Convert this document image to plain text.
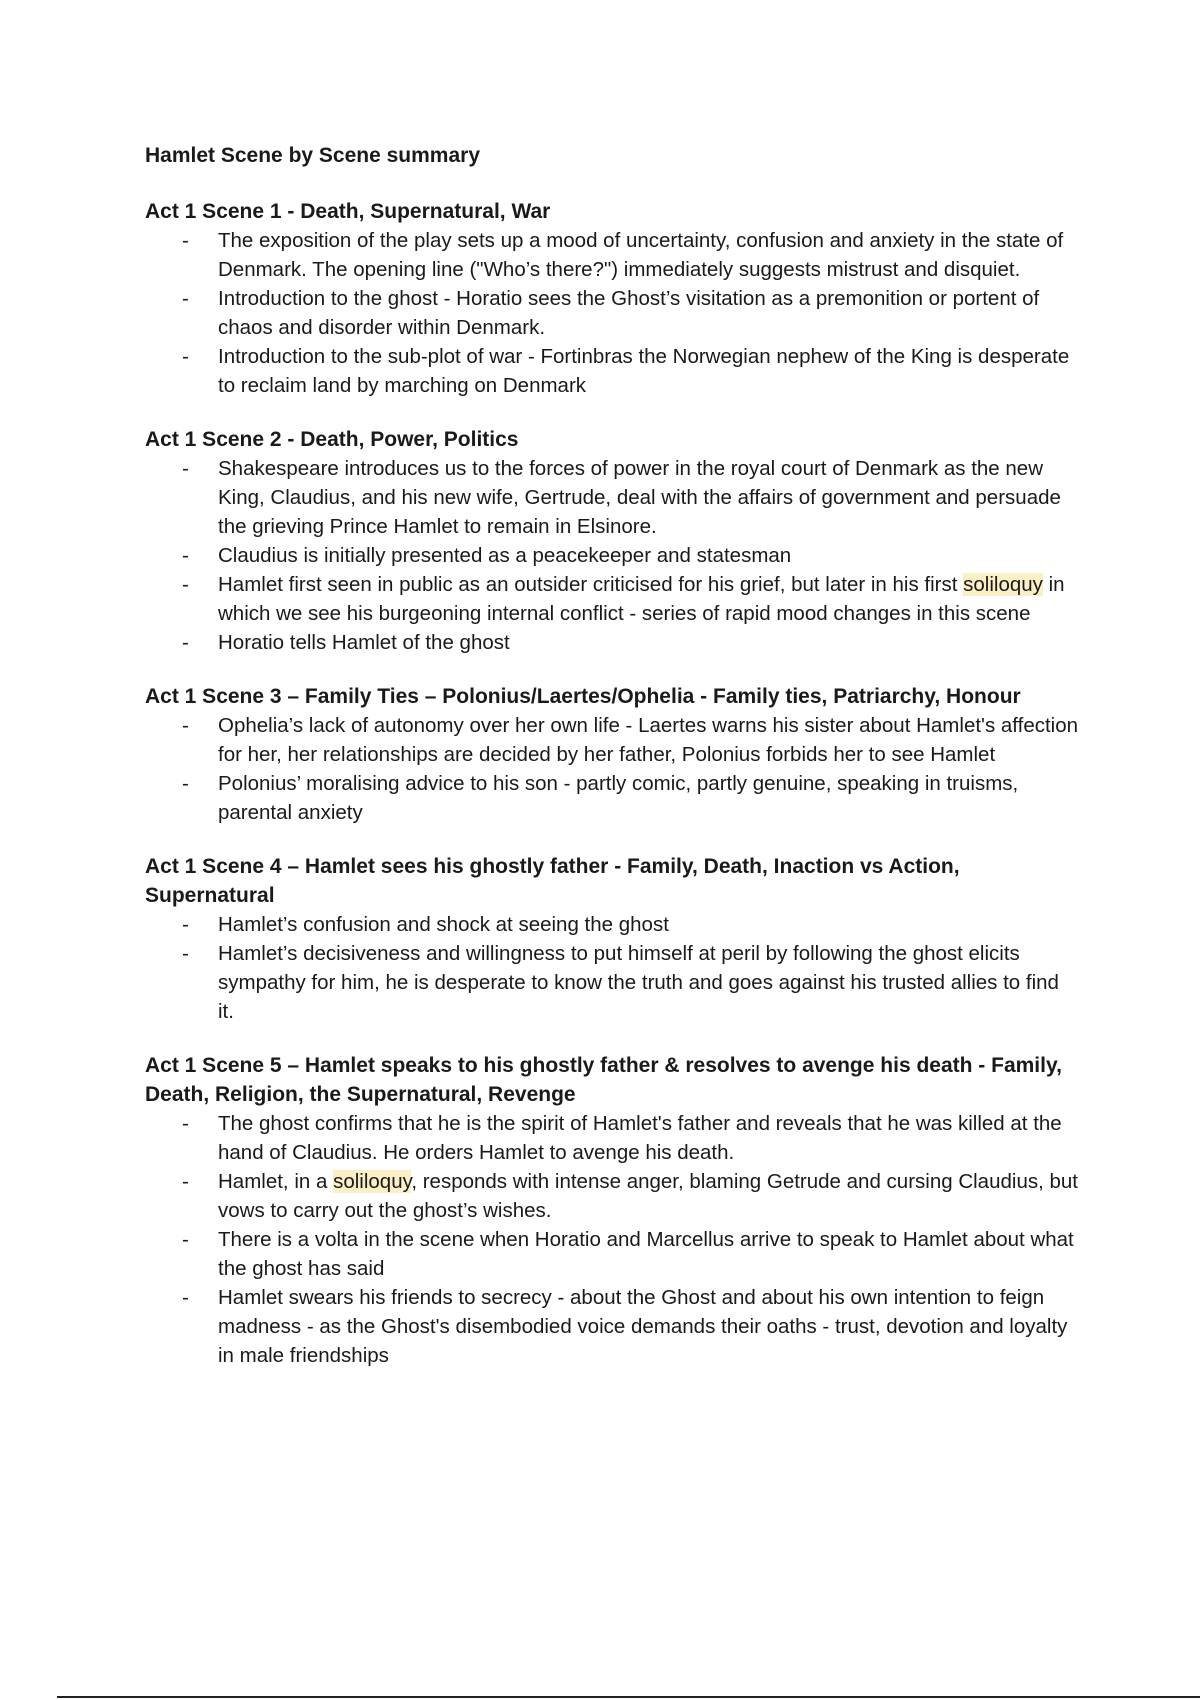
Hamlet Scene by Scene summary
Act 1 Scene 1 - Death, Supernatural, War
-	The exposition of the play sets up a mood of uncertainty, confusion and anxiety in the state of Denmark. The opening line ("Who’s there?") immediately suggests mistrust and disquiet.
-	Introduction to the ghost - Horatio sees the Ghost’s visitation as a premonition or portent of chaos and disorder within Denmark.
-	Introduction to the sub-plot of war - Fortinbras the Norwegian nephew of the King is desperate to reclaim land by marching on Denmark
Act 1 Scene 2 - Death, Power, Politics
-	Shakespeare introduces us to the forces of power in the royal court of Denmark as the new King, Claudius, and his new wife, Gertrude, deal with the affairs of government and persuade the grieving Prince Hamlet to remain in Elsinore.
-	Claudius is initially presented as a peacekeeper and statesman
-	Hamlet first seen in public as an outsider criticised for his grief, but later in his first soliloquy in which we see his burgeoning internal conflict - series of rapid mood changes in this scene
-	Horatio tells Hamlet of the ghost
Act 1 Scene 3 – Family Ties – Polonius/Laertes/Ophelia - Family ties, Patriarchy, Honour
-	Ophelia’s lack of autonomy over her own life - Laertes warns his sister about Hamlet's affection for her, her relationships are decided by her father, Polonius forbids her to see Hamlet
-	Polonius’ moralising advice to his son - partly comic, partly genuine, speaking in truisms, parental anxiety
Act 1 Scene 4 – Hamlet sees his ghostly father - Family, Death, Inaction vs Action, Supernatural
-	Hamlet’s confusion and shock at seeing the ghost
-	Hamlet’s decisiveness and willingness to put himself at peril by following the ghost elicits sympathy for him, he is desperate to know the truth and goes against his trusted allies to find it.
Act 1 Scene 5 – Hamlet speaks to his ghostly father & resolves to avenge his death - Family, Death, Religion, the Supernatural, Revenge
-	The ghost confirms that he is the spirit of Hamlet's father and reveals that he was killed at the hand of Claudius. He orders Hamlet to avenge his death.
-	Hamlet, in a soliloquy, responds with intense anger, blaming Getrude and cursing Claudius, but vows to carry out the ghost’s wishes.
-	There is a volta in the scene when Horatio and Marcellus arrive to speak to Hamlet about what the ghost has said
-	Hamlet swears his friends to secrecy - about the Ghost and about his own intention to feign madness - as the Ghost's disembodied voice demands their oaths - trust, devotion and loyalty in male friendships
